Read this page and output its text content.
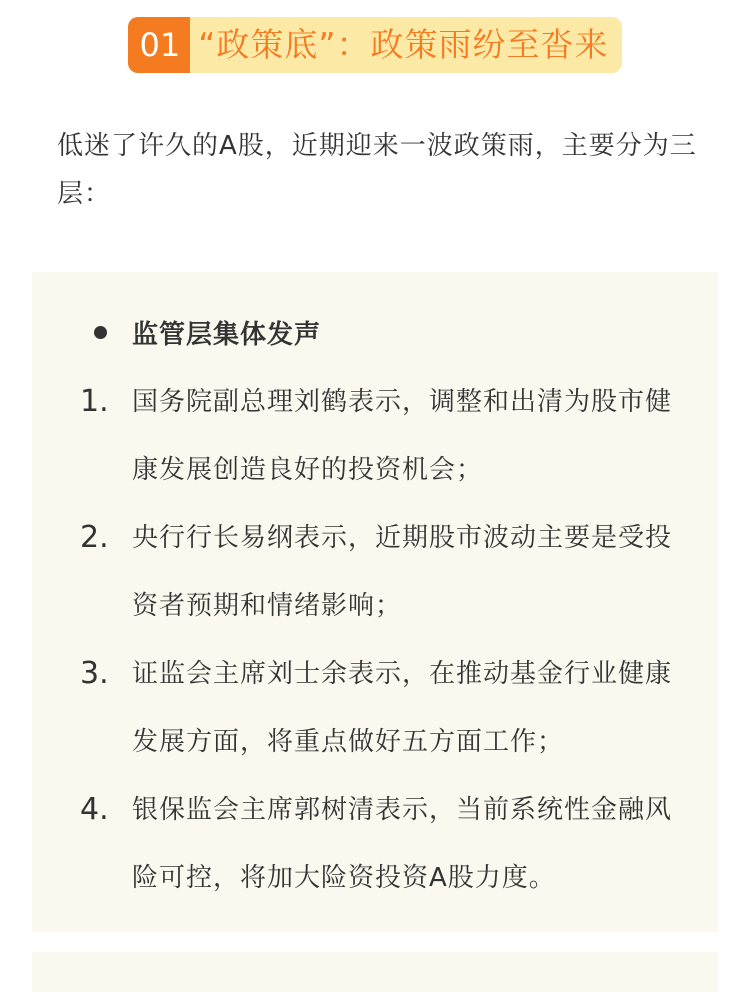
01 “政策底”：政策雨纷至沓来

低迷了许久的A股，近期迎来一波政策雨，主要分为三层：

监管层集体发声
1. 国务院副总理刘鹤表示，调整和出清为股市健康发展创造良好的投资机会；
2. 央行行长易纲表示，近期股市波动主要是受投资者预期和情绪影响；
3. 证监会主席刘士余表示，在推动基金行业健康发展方面，将重点做好五方面工作；
4. 银保监会主席郭树清表示，当前系统性金融风险可控，将加大险资投资A股力度。
